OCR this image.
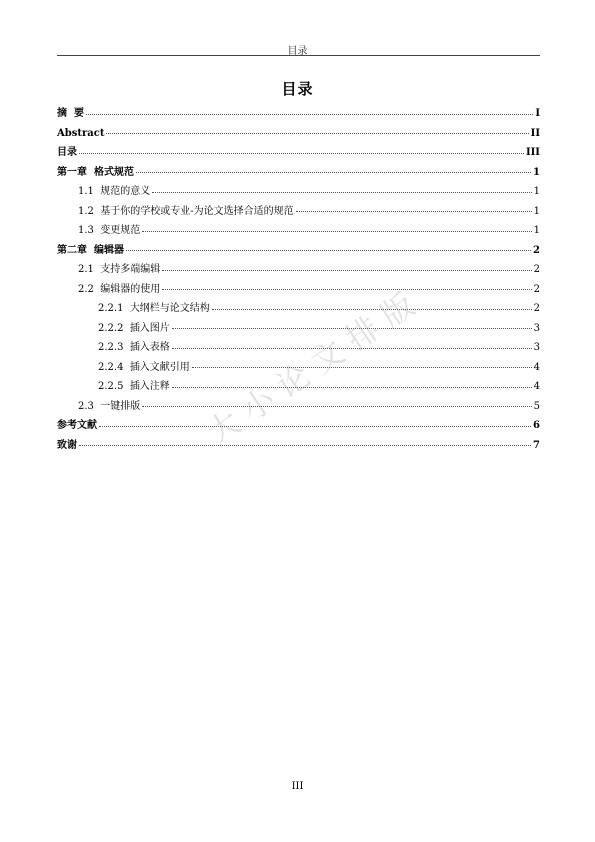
目录
目录
摘  要	I
Abstract	II
目录	III
第一章 格式规范	1
1.1 规范的意义	1
1.2 基于你的学校或专业-为论文选择合适的规范	1
1.3 变更规范	1
第二章 编辑器	2
2.1 支持多端编辑	2
2.2 编辑器的使用	2
2.2.1 大纲栏与论文结构	2
2.2.2 插入图片	3
2.2.3 插入表格	3
2.2.4 插入文献引用	4
2.2.5 插入注释	4
2.3 一键排版	5
参考文献	6
致谢	7
大小论文排版
III
